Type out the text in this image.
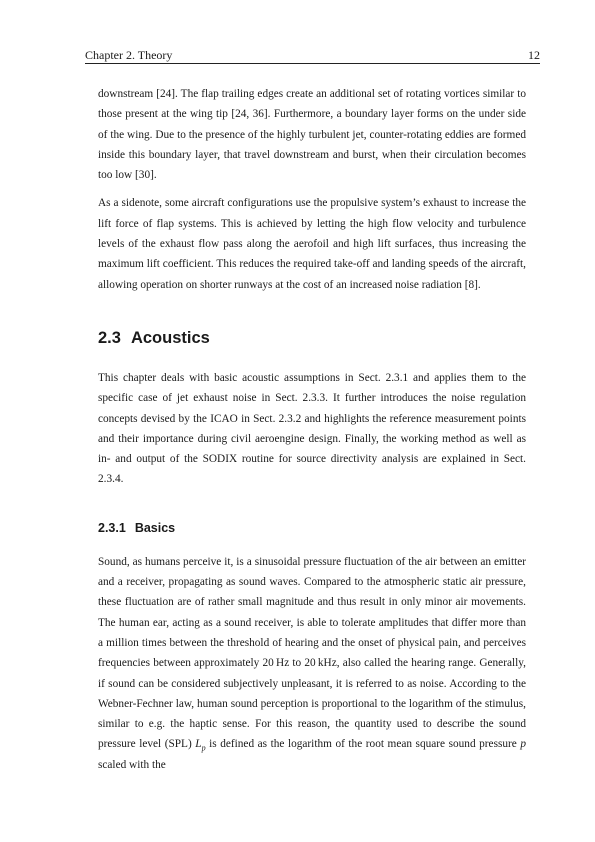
Chapter 2. Theory	12

downstream [24]. The flap trailing edges create an additional set of rotating vortices similar to those present at the wing tip [24, 36]. Furthermore, a boundary layer forms on the under side of the wing. Due to the presence of the highly turbulent jet, counter-rotating eddies are formed inside this boundary layer, that travel downstream and burst, when their circulation becomes too low [30].

As a sidenote, some aircraft configurations use the propulsive system’s exhaust to increase the lift force of flap systems. This is achieved by letting the high flow velocity and turbulence levels of the exhaust flow pass along the aerofoil and high lift surfaces, thus increasing the maximum lift coefficient. This reduces the required take-off and landing speeds of the aircraft, allowing operation on shorter runways at the cost of an increased noise radiation [8].

2.3 Acoustics

This chapter deals with basic acoustic assumptions in Sect. 2.3.1 and applies them to the specific case of jet exhaust noise in Sect. 2.3.3. It further introduces the noise regulation concepts devised by the ICAO in Sect. 2.3.2 and highlights the reference measurement points and their importance during civil aeroengine design. Finally, the working method as well as in- and output of the SODIX routine for source directivity analysis are explained in Sect. 2.3.4.

2.3.1 Basics

Sound, as humans perceive it, is a sinusoidal pressure fluctuation of the air between an emitter and a receiver, propagating as sound waves. Compared to the atmospheric static air pressure, these fluctuation are of rather small magnitude and thus result in only minor air movements. The human ear, acting as a sound receiver, is able to tolerate amplitudes that differ more than a million times between the threshold of hearing and the onset of physical pain, and perceives frequencies between approximately 20 Hz to 20 kHz, also called the hearing range. Generally, if sound can be considered subjectively unpleasant, it is referred to as noise. According to the Webner-Fechner law, human sound perception is proportional to the logarithm of the stimulus, similar to e.g. the haptic sense. For this reason, the quantity used to describe the sound pressure level (SPL) $L_p$ is defined as the logarithm of the root mean square sound pressure p scaled with the
